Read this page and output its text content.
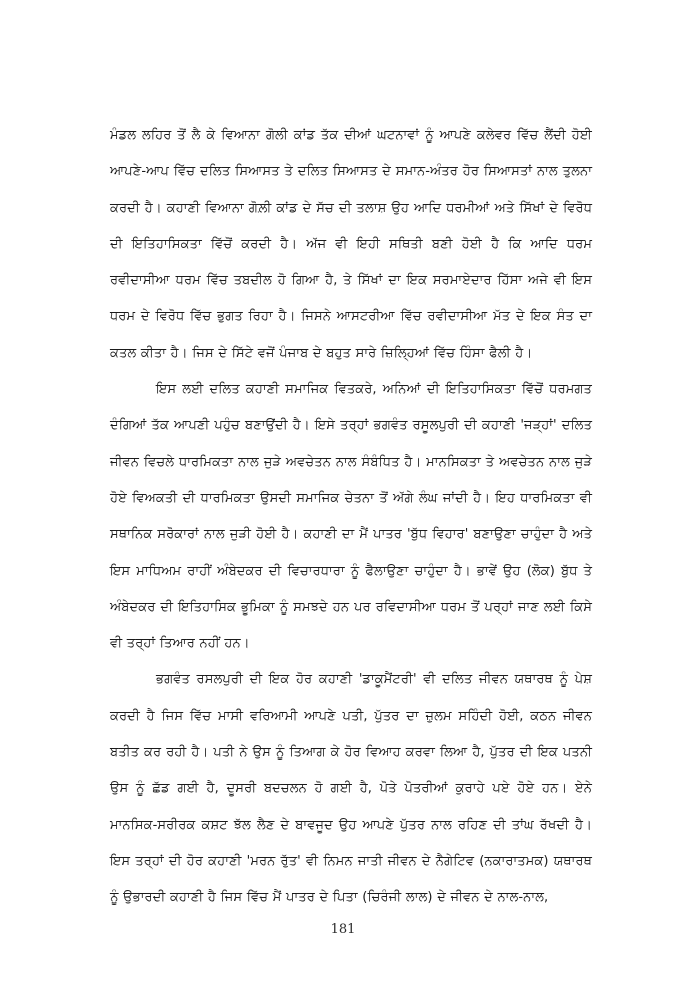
ਮੰਡਲ ਲਹਿਰ ਤੋਂ ਲੈ ਕੇ ਵਿਆਨਾ ਗੋਲੀ ਕਾਂਡ ਤੱਕ ਦੀਆਂ ਘਟਨਾਵਾਂ ਨੂੰ ਆਪਣੇ ਕਲੇਵਰ ਵਿੱਚ ਲੈਂਦੀ ਹੋਈ ਆਪਣੇ-ਆਪ ਵਿੱਚ ਦਲਿਤ ਸਿਆਸਤ ਤੇ ਦਲਿਤ ਸਿਆਸਤ ਦੇ ਸਮਾਨ-ਅੰਤਰ ਹੋਰ ਸਿਆਸਤਾਂ ਨਾਲ ਤੁਲਨਾ ਕਰਦੀ ਹੈ। ਕਹਾਣੀ ਵਿਆਨਾ ਗੋਲ਼ੀ ਕਾਂਡ ਦੇ ਸੱਚ ਦੀ ਤਲਾਸ਼ ਉਹ ਆਦਿ ਧਰਮੀਆਂ ਅਤੇ ਸਿੱਖਾਂ ਦੇ ਵਿਰੋਧ ਦੀ ਇਤਿਹਾਸਿਕਤਾ ਵਿੱਚੋਂ ਕਰਦੀ ਹੈ। ਅੱਜ ਵੀ ਇਹੀ ਸਥਿਤੀ ਬਣੀ ਹੋਈ ਹੈ ਕਿ ਆਦਿ ਧਰਮ ਰਵੀਦਾਸੀਆ ਧਰਮ ਵਿੱਚ ਤਬਦੀਲ ਹੋ ਗਿਆ ਹੈ, ਤੇ ਸਿੱਖਾਂ ਦਾ ਇਕ ਸਰਮਾਏਦਾਰ ਹਿੱਸਾ ਅਜੇ ਵੀ ਇਸ ਧਰਮ ਦੇ ਵਿਰੋਧ ਵਿੱਚ ਭੁਗਤ ਰਿਹਾ ਹੈ। ਜਿਸਨੇ ਆਸਟਰੀਆ ਵਿੱਚ ਰਵੀਦਾਸੀਆ ਮੱਤ ਦੇ ਇਕ ਸੰਤ ਦਾ ਕਤਲ ਕੀਤਾ ਹੈ। ਜਿਸ ਦੇ ਸਿੱਟੇ ਵਜੋਂ ਪੰਜਾਬ ਦੇ ਬਹੁਤ ਸਾਰੇ ਜ਼ਿਲ੍ਹਿਆਂ ਵਿੱਚ ਹਿੰਸਾ ਫੈਲੀ ਹੈ।

ਇਸ ਲਈ ਦਲਿਤ ਕਹਾਣੀ ਸਮਾਜਿਕ ਵਿਤਕਰੇ, ਅਨਿਆਂ ਦੀ ਇਤਿਹਾਸਿਕਤਾ ਵਿੱਚੋਂ ਧਰਮਗਤ ਦੰਗਿਆਂ ਤੱਕ ਆਪਣੀ ਪਹੁੰਚ ਬਣਾਉਂਦੀ ਹੈ। ਇਸੇ ਤਰ੍ਹਾਂ ਭਗਵੰਤ ਰਸੂਲਪੁਰੀ ਦੀ ਕਹਾਣੀ 'ਜੜ੍ਹਾਂ' ਦਲਿਤ ਜੀਵਨ ਵਿਚਲੇ ਧਾਰਮਿਕਤਾ ਨਾਲ ਜੁੜੇ ਅਵਚੇਤਨ ਨਾਲ ਸੰਬੰਧਿਤ ਹੈ। ਮਾਨਸਿਕਤਾ ਤੇ ਅਵਚੇਤਨ ਨਾਲ ਜੁੜੇ ਹੋਏ ਵਿਅਕਤੀ ਦੀ ਧਾਰਮਿਕਤਾ ਉਸਦੀ ਸਮਾਜਿਕ ਚੇਤਨਾ ਤੋਂ ਅੱਗੇ ਲੰਘ ਜਾਂਦੀ ਹੈ। ਇਹ ਧਾਰਮਿਕਤਾ ਵੀ ਸਥਾਨਿਕ ਸਰੋਕਾਰਾਂ ਨਾਲ ਜੁੜੀ ਹੋਈ ਹੈ। ਕਹਾਣੀ ਦਾ ਮੈਂ ਪਾਤਰ 'ਬੁੱਧ ਵਿਹਾਰ' ਬਣਾਉਣਾ ਚਾਹੁੰਦਾ ਹੈ ਅਤੇ ਇਸ ਮਾਧਿਅਮ ਰਾਹੀਂ ਅੰਬੇਦਕਰ ਦੀ ਵਿਚਾਰਧਾਰਾ ਨੂੰ ਫੈਲਾਉਣਾ ਚਾਹੁੰਦਾ ਹੈ। ਭਾਵੇਂ ਉਹ (ਲੋਕ) ਬੁੱਧ ਤੇ ਅੰਬੇਦਕਰ ਦੀ ਇਤਿਹਾਸਿਕ ਭੂਮਿਕਾ ਨੂੰ ਸਮਝਦੇ ਹਨ ਪਰ ਰਵਿਦਾਸੀਆ ਧਰਮ ਤੋਂ ਪਰ੍ਹਾਂ ਜਾਣ ਲਈ ਕਿਸੇ ਵੀ ਤਰ੍ਹਾਂ ਤਿਆਰ ਨਹੀਂ ਹਨ।

ਭਗਵੰਤ ਰਸਲਪੁਰੀ ਦੀ ਇਕ ਹੋਰ ਕਹਾਣੀ 'ਡਾਕੂਮੈਂਟਰੀ' ਵੀ ਦਲਿਤ ਜੀਵਨ ਯਥਾਰਥ ਨੂੰ ਪੇਸ਼ ਕਰਦੀ ਹੈ ਜਿਸ ਵਿੱਚ ਮਾਸੀ ਵਰਿਆਮੀ ਆਪਣੇ ਪਤੀ, ਪੁੱਤਰ ਦਾ ਜ਼ੁਲਮ ਸਹਿੰਦੀ ਹੋਈ, ਕਠਨ ਜੀਵਨ ਬਤੀਤ ਕਰ ਰਹੀ ਹੈ। ਪਤੀ ਨੇ ਉਸ ਨੂੰ ਤਿਆਗ ਕੇ ਹੋਰ ਵਿਆਹ ਕਰਵਾ ਲਿਆ ਹੈ, ਪੁੱਤਰ ਦੀ ਇਕ ਪਤਨੀ ਉਸ ਨੂੰ ਛੱਡ ਗਈ ਹੈ, ਦੂਸਰੀ ਬਦਚਲਨ ਹੋ ਗਈ ਹੈ, ਪੋਤੇ ਪੋਤਰੀਆਂ ਕੁਰਾਹੇ ਪਏ ਹੋਏ ਹਨ। ਏਨੇ ਮਾਨਸਿਕ-ਸਰੀਰਕ ਕਸ਼ਟ ਝੱਲ ਲੈਣ ਦੇ ਬਾਵਜੂਦ ਉਹ ਆਪਣੇ ਪੁੱਤਰ ਨਾਲ ਰਹਿਣ ਦੀ ਤਾਂਘ ਰੱਖਦੀ ਹੈ। ਇਸ ਤਰ੍ਹਾਂ ਦੀ ਹੋਰ ਕਹਾਣੀ 'ਮਰਨ ਰੁੱਤ' ਵੀ ਨਿਮਨ ਜਾਤੀ ਜੀਵਨ ਦੇ ਨੈਗੇਟਿਵ (ਨਕਾਰਾਤਮਕ) ਯਥਾਰਥ ਨੂੰ ਉਭਾਰਦੀ ਕਹਾਣੀ ਹੈ ਜਿਸ ਵਿੱਚ ਮੈਂ ਪਾਤਰ ਦੇ ਪਿਤਾ (ਚਿਰੰਜੀ ਲਾਲ) ਦੇ ਜੀਵਨ ਦੇ ਨਾਲ-ਨਾਲ,

181
